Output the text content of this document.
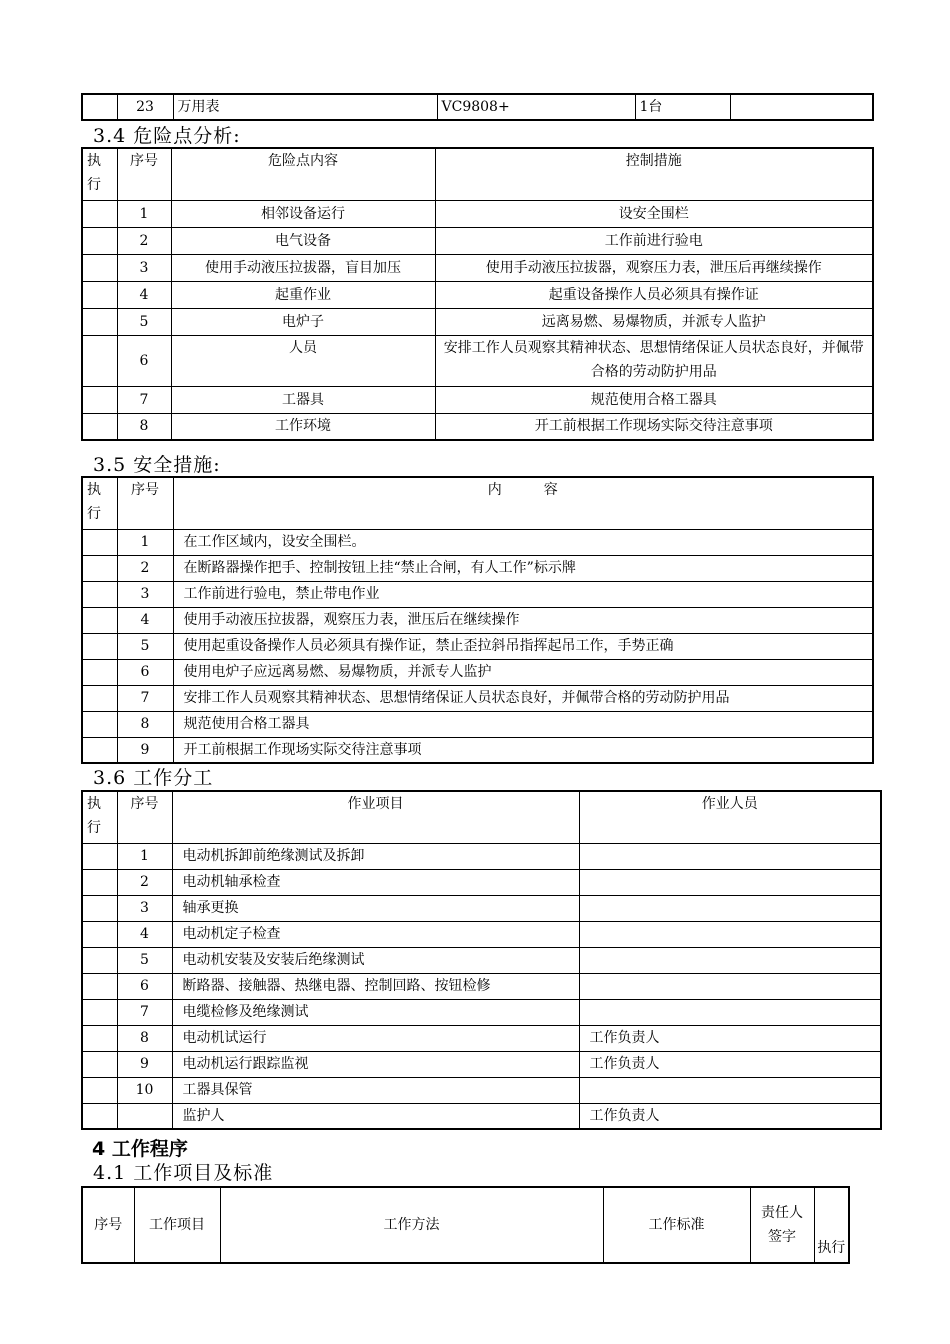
	23	万用表	VC9808+	1台	
3.4 危险点分析:
执行	序号	危险点内容	控制措施
	1	相邻设备运行	设安全围栏
	2	电气设备	工作前进行验电
	3	使用手动液压拉拔器，盲目加压	使用手动液压拉拔器，观察压力表，泄压后再继续操作
	4	起重作业	起重设备操作人员必须具有操作证
	5	电炉子	远离易燃、易爆物质，并派专人监护
	6	人员	安排工作人员观察其精神状态、思想情绪保证人员状态良好，并佩带合格的劳动防护用品
	7	工器具	规范使用合格工器具
	8	工作环境	开工前根据工作现场实际交待注意事项
3.5 安全措施:
执行	序号	内　　　容
	1	在工作区域内，设安全围栏。
	2	在断路器操作把手、控制按钮上挂“禁止合闸，有人工作”标示牌
	3	工作前进行验电，禁止带电作业
	4	使用手动液压拉拔器，观察压力表，泄压后在继续操作
	5	使用起重设备操作人员必须具有操作证，禁止歪拉斜吊指挥起吊工作，手势正确
	6	使用电炉子应远离易燃、易爆物质，并派专人监护
	7	安排工作人员观察其精神状态、思想情绪保证人员状态良好，并佩带合格的劳动防护用品
	8	规范使用合格工器具
	9	开工前根据工作现场实际交待注意事项
3.6 工作分工
执行	序号	作业项目	作业人员
	1	电动机拆卸前绝缘测试及拆卸	
	2	电动机轴承检查	
	3	轴承更换	
	4	电动机定子检查	
	5	电动机安装及安装后绝缘测试	
	6	断路器、接触器、热继电器、控制回路、按钮检修	
	7	电缆检修及绝缘测试	
	8	电动机试运行	工作负责人
	9	电动机运行跟踪监视	工作负责人
	10	工器具保管	
		监护人	工作负责人
4 工作程序
4.1 工作项目及标准
序号	工作项目	工作方法	工作标准	责任人签字	执行
